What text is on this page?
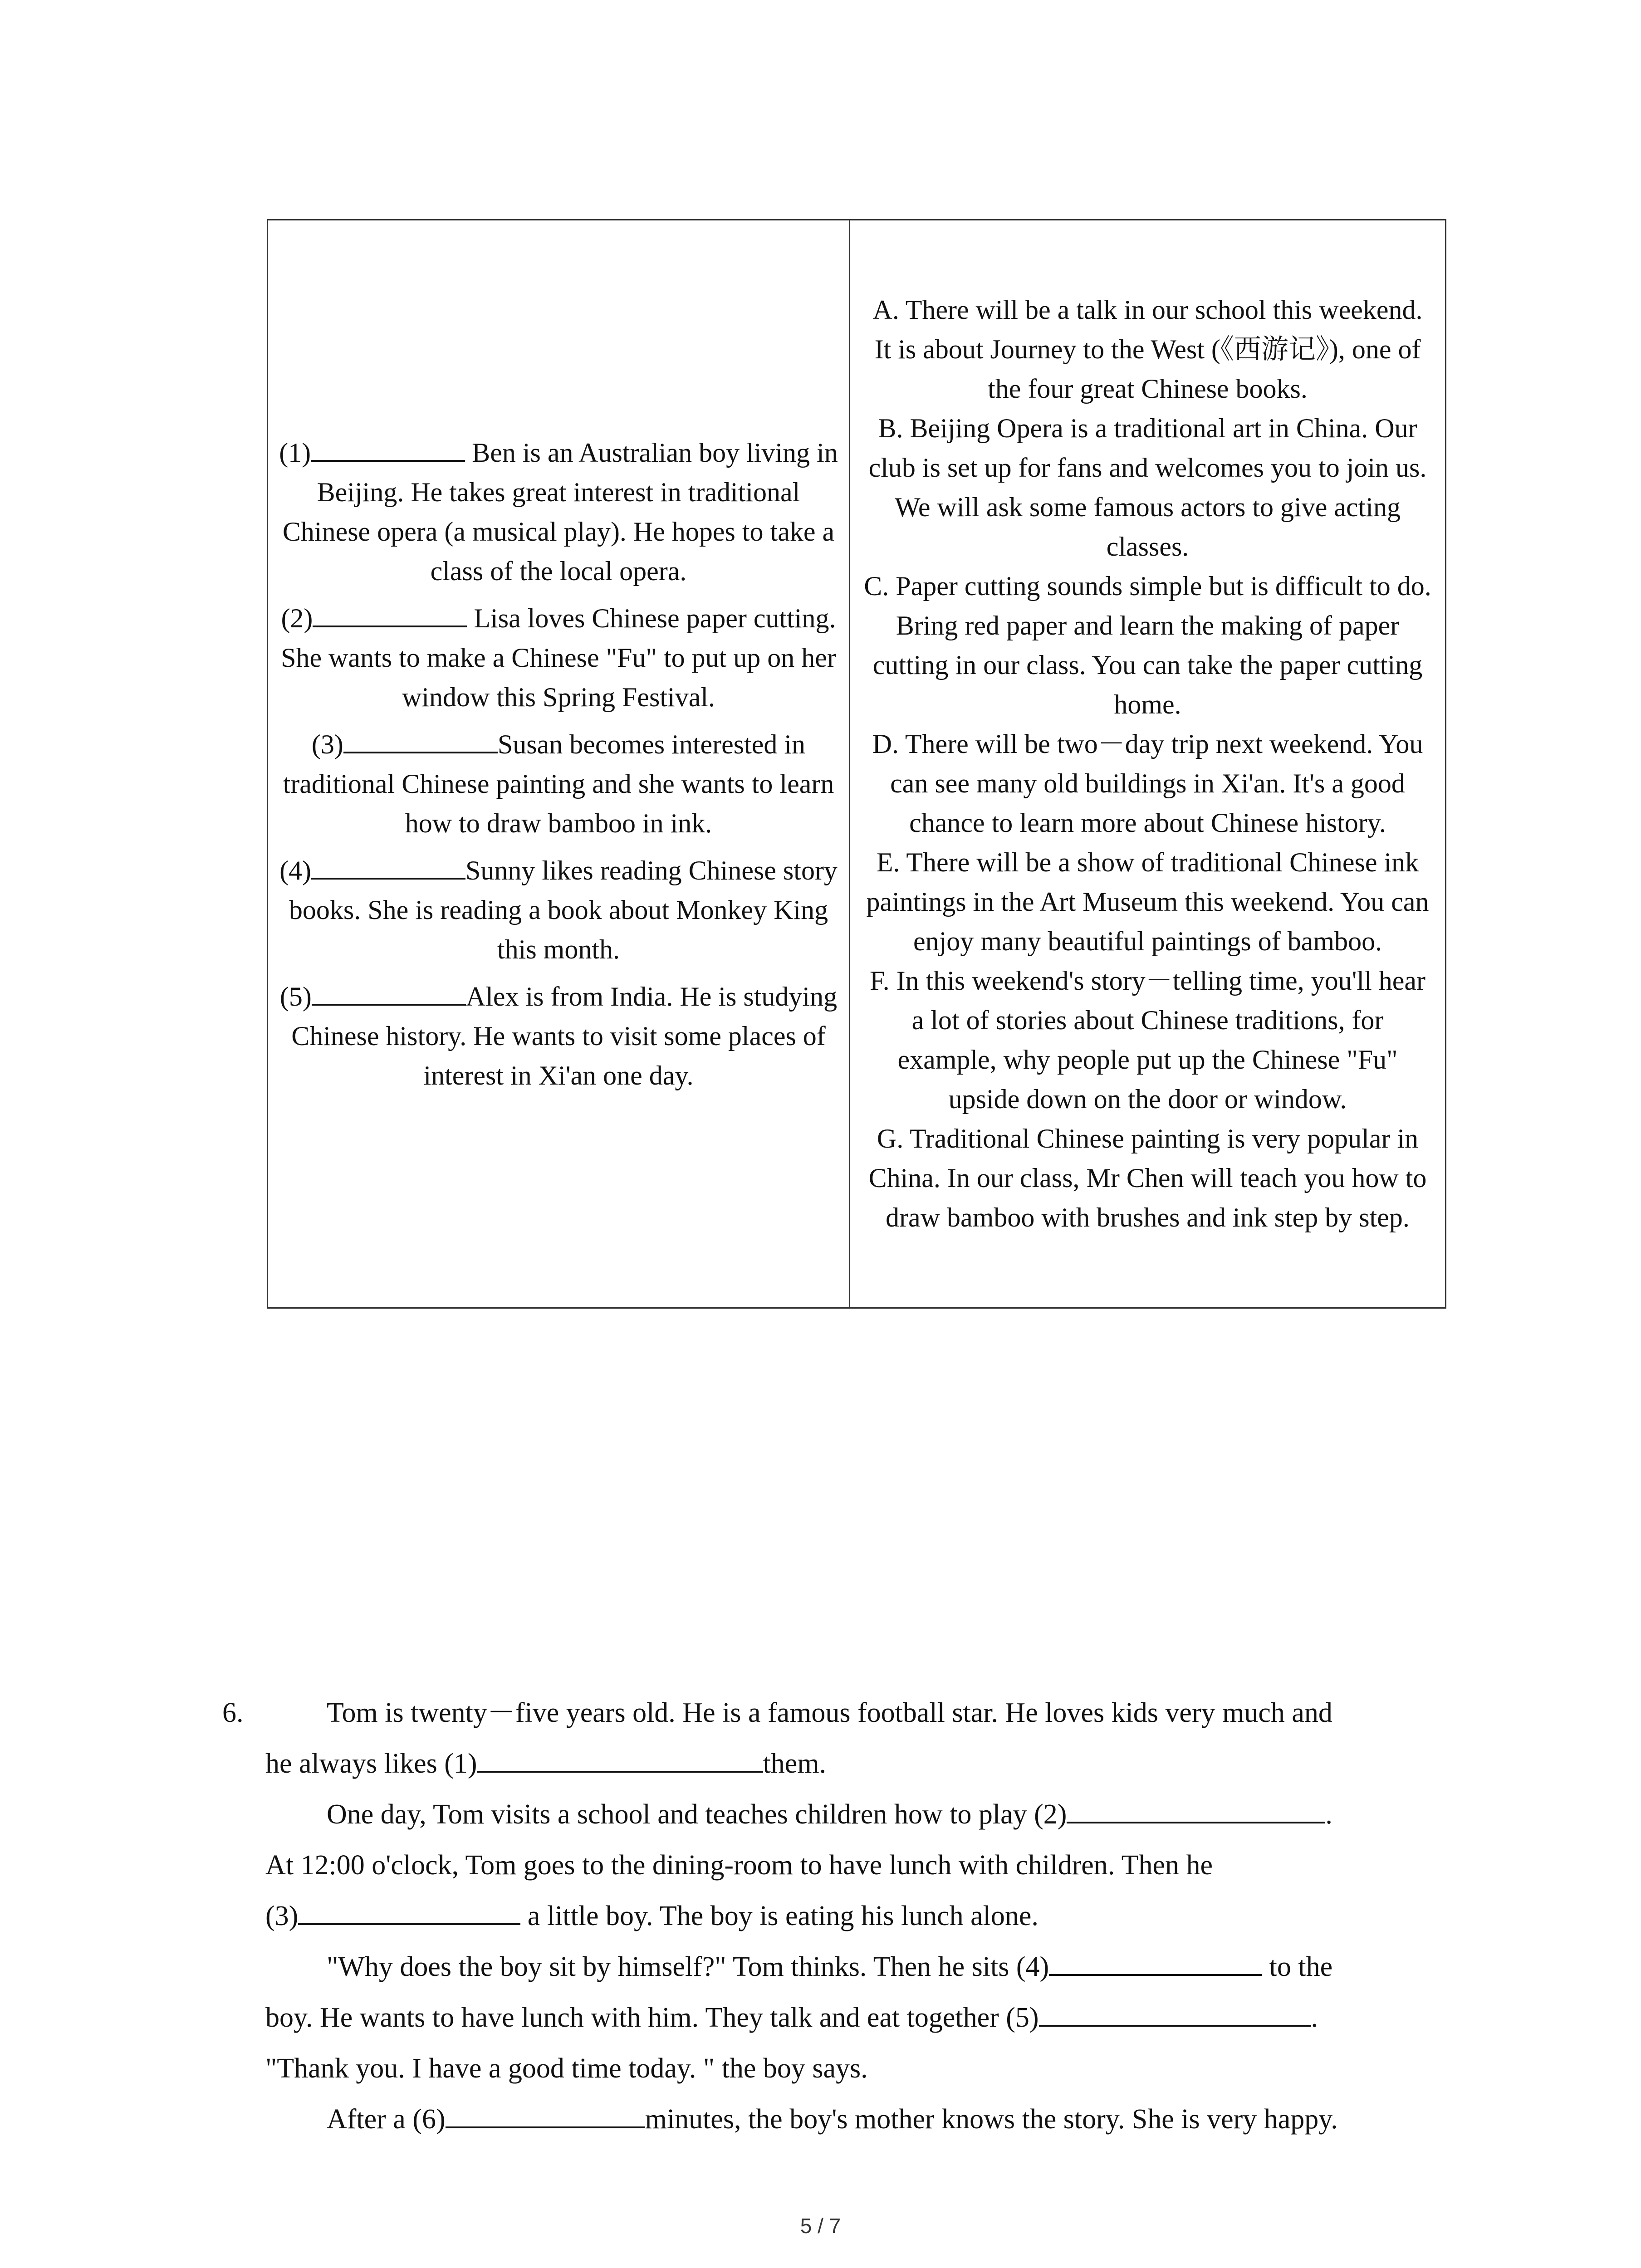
(1)	Ben is an Australian boy living in Beijing. He takes great interest in traditional Chinese opera (a musical play). He hopes to take a class of the local opera.
(2)	Lisa loves Chinese paper cutting. She wants to make a Chinese "Fu" to put up on her window this Spring Festival.
(3)	Susan becomes interested in traditional Chinese painting and she wants to learn how to draw bamboo in ink.
(4)	Sunny likes reading Chinese story books. She is reading a book about Monkey King this month.
(5)	Alex is from India. He is studying Chinese history. He wants to visit some places of interest in Xi'an one day.
A. There will be a talk in our school this weekend. It is about Journey to the West (《西游记》), one of the four great Chinese books.
B. Beijing Opera is a traditional art in China. Our club is set up for fans and welcomes you to join us. We will ask some famous actors to give acting classes.
C. Paper cutting sounds simple but is difficult to do. Bring red paper and learn the making of paper cutting in our class. You can take the paper cutting home.
D. There will be two－day trip next weekend. You can see many old buildings in Xi'an. It's a good chance to learn more about Chinese history.
E. There will be a show of traditional Chinese ink paintings in the Art Museum this weekend. You can enjoy many beautiful paintings of bamboo.
F. In this weekend's story－telling time, you'll hear a lot of stories about Chinese traditions, for example, why people put up the Chinese "Fu" upside down on the door or window.
G. Traditional Chinese painting is very popular in China. In our class, Mr Chen will teach you how to draw bamboo with brushes and ink step by step.
6.	Tom is twenty－five years old. He is a famous football star. He loves kids very much and
he always likes (1)	them.
One day, Tom visits a school and teaches children how to play (2)	.
At 12:00 o'clock, Tom goes to the dining-room to have lunch with children. Then he
(3)	a little boy. The boy is eating his lunch alone.
"Why does the boy sit by himself?" Tom thinks. Then he sits (4)	to the
boy. He wants to have lunch with him. They talk and eat together (5)	.
"Thank you. I have a good time today. " the boy says.
After a (6)	minutes, the boy's mother knows the story. She is very happy.
5 / 7
